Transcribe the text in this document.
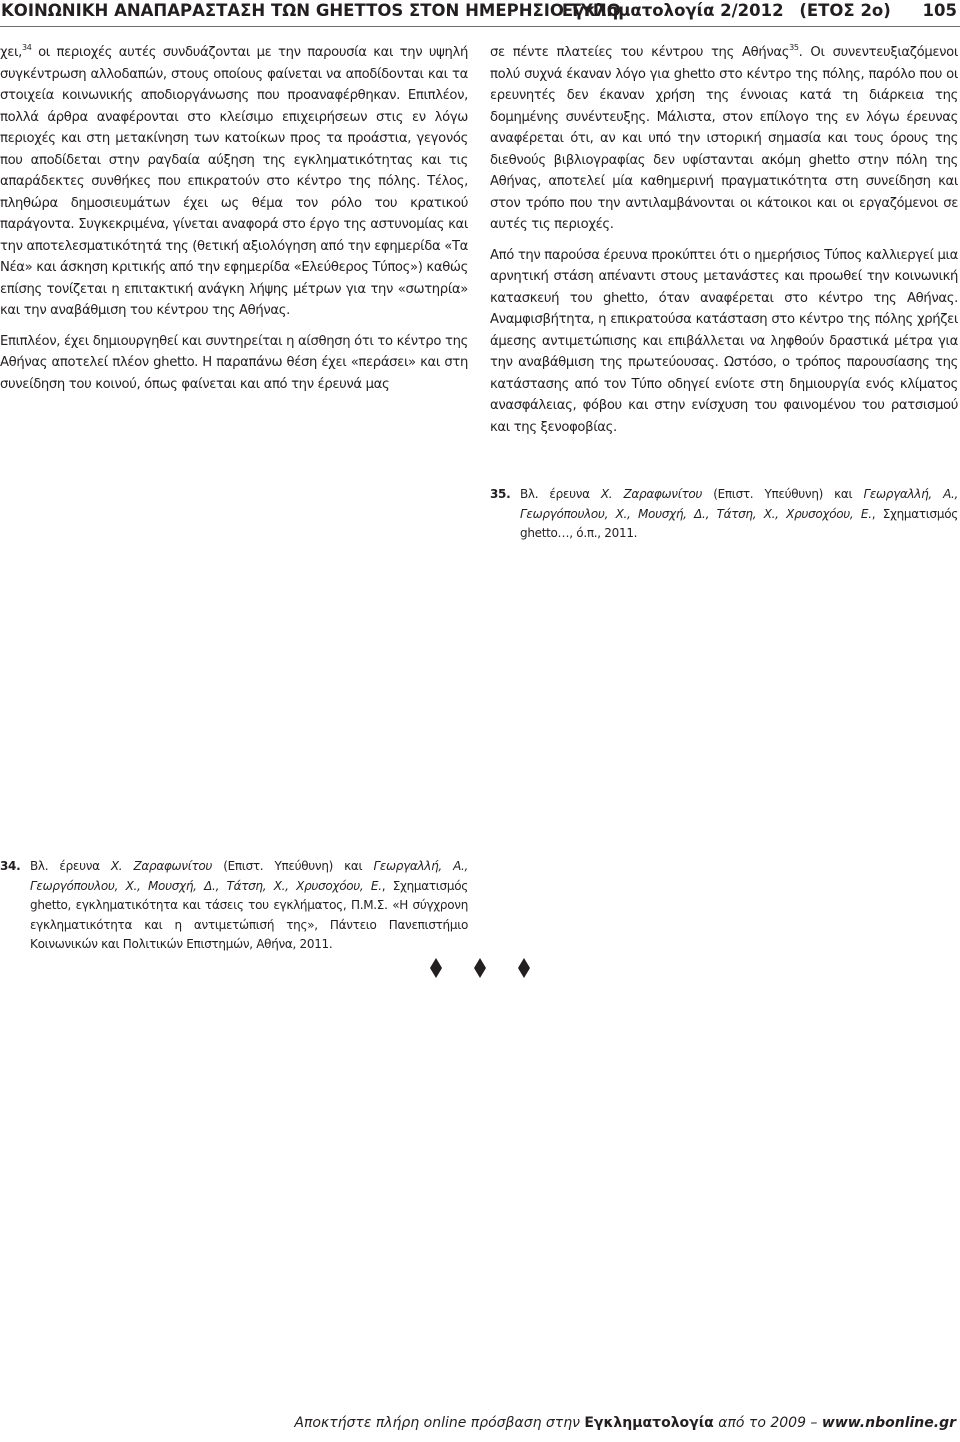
ΚΟΙΝΩΝΙΚΗ ΑΝΑΠΑΡΑΣΤΑΣΗ ΤΩΝ GHETTOS ΣΤΟΝ ΗΜΕΡΗΣΙΟ ΤΥΠΟ
Εγκληματολογία 2/2012 (ΕΤΟΣ 2ο) 105

χει,$^{34}$ οι περιοχές αυτές συνδυάζονται με την παρουσία και την υψηλή συγκέντρωση αλλοδαπών, στους οποίους φαίνεται να αποδίδονται και τα στοιχεία κοινωνικής αποδιοργάνωσης που προαναφέρθηκαν. Επιπλέον, πολλά άρθρα αναφέρονται στο κλείσιμο επιχειρήσεων στις εν λόγω περιοχές και στη μετακίνηση των κατοίκων προς τα προάστια, γεγονός που αποδίδεται στην ραγδαία αύξηση της εγκληματικότητας και τις απαράδεκτες συνθήκες που επικρατούν στο κέντρο της πόλης. Τέλος, πληθώρα δημοσιευμάτων έχει ως θέμα τον ρόλο του κρατικού παράγοντα. Συγκεκριμένα, γίνεται αναφορά στο έργο της αστυνομίας και την αποτελεσματικότητά της (θετική αξιολόγηση από την εφημερίδα «Τα Νέα» και άσκηση κριτικής από την εφημερίδα «Ελεύθερος Τύπος») καθώς επίσης τονίζεται η επιτακτική ανάγκη λήψης μέτρων για την «σωτηρία» και την αναβάθμιση του κέντρου της Αθήνας.

Επιπλέον, έχει δημιουργηθεί και συντηρείται η αίσθηση ότι το κέντρο της Αθήνας αποτελεί πλέον ghetto. Η παραπάνω θέση έχει «περάσει» και στη συνείδηση του κοινού, όπως φαίνεται και από την έρευνά μας

σε πέντε πλατείες του κέντρου της Αθήνας$^{35}$. Οι συνεντευξιαζόμενοι πολύ συχνά έκαναν λόγο για ghetto στο κέντρο της πόλης, παρόλο που οι ερευνητές δεν έκαναν χρήση της έννοιας κατά τη διάρκεια της δομημένης συνέντευξης. Μάλιστα, στον επίλογο της εν λόγω έρευνας αναφέρεται ότι, αν και υπό την ιστορική σημασία και τους όρους της διεθνούς βιβλιογραφίας δεν υφίστανται ακόμη ghetto στην πόλη της Αθήνας, αποτελεί μία καθημερινή πραγματικότητα στη συνείδηση και στον τρόπο που την αντιλαμβάνονται οι κάτοικοι και οι εργαζόμενοι σε αυτές τις περιοχές.

Από την παρούσα έρευνα προκύπτει ότι ο ημερήσιος Τύπος καλλιεργεί μια αρνητική στάση απέναντι στους μετανάστες και προωθεί την κοινωνική κατασκευή του ghetto, όταν αναφέρεται στο κέντρο της Αθήνας. Αναμφισβήτητα, η επικρατούσα κατάσταση στο κέντρο της πόλης χρήζει άμεσης αντιμετώπισης και επιβάλλεται να ληφθούν δραστικά μέτρα για την αναβάθμιση της πρωτεύουσας. Ωστόσο, ο τρόπος παρουσίασης της κατάστασης από τον Τύπο οδηγεί ενίοτε στη δημιουργία ενός κλίματος ανασφάλειας, φόβου και στην ενίσχυση του φαινομένου του ρατσισμού και της ξενοφοβίας.

34. Βλ. έρευνα Χ. Ζαραφωνίτου (Επιστ. Υπεύθυνη) και Γεωργαλλή, Α., Γεωργόπουλου, Χ., Μουσχή, Δ., Τάτση, Χ., Χρυσοχόου, Ε., Σχηματισμός ghetto, εγκληματικότητα και τάσεις του εγκλήματος, Π.Μ.Σ. «Η σύγχρονη εγκληματικότητα και η αντιμετώπισή της», Πάντειο Πανεπιστήμιο Κοινωνικών και Πολιτικών Επιστημών, Αθήνα, 2011.
35. Βλ. έρευνα Χ. Ζαραφωνίτου (Επιστ. Υπεύθυνη) και Γεωργαλλή, Α., Γεωργόπουλου, Χ., Μουσχή, Δ., Τάτση, Χ., Χρυσοχόου, Ε., Σχηματισμός ghetto…, ό.π., 2011.
Αποκτήστε πλήρη online πρόσβαση στην Εγκληματολογία από το 2009 – www.nbonline.gr
